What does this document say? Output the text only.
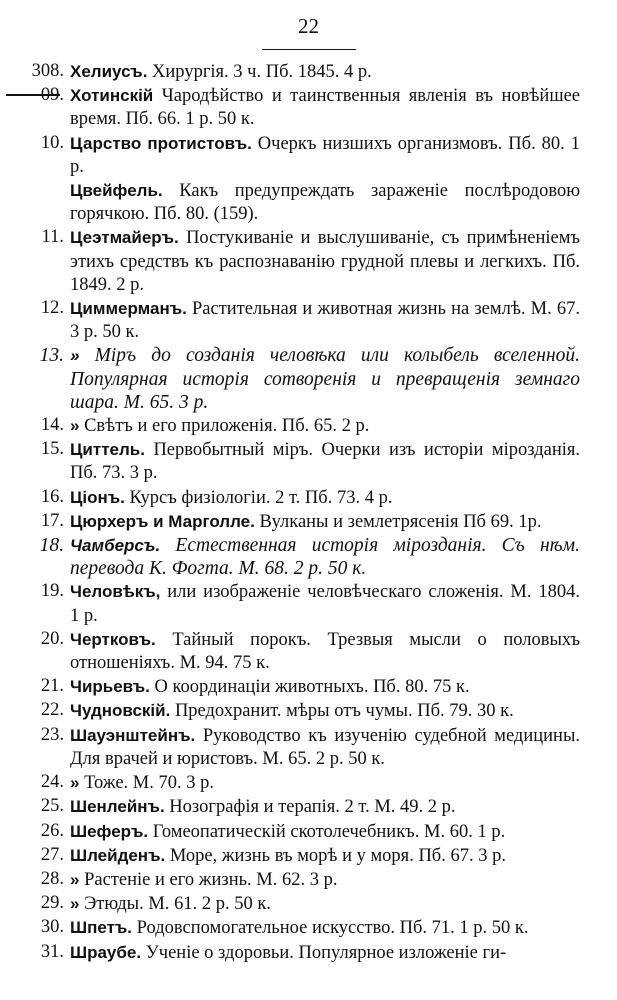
22
308. Хелиусъ. Хирургія. 3 ч. Пб. 1845. 4 р.
09. Хотинскій Чародѣйство и таинственныя явленія въ новѣйшее время. Пб. 66. 1 р. 50 к.
10. Царство протистовъ. Очеркъ низшихъ организмовъ. Пб. 80. 1 р.
Цвейфель. Какъ предупреждать зараженіе послѣродовою горячкою. Пб. 80. (159).
11. Цеэтмайеръ. Постукиваніе и выслушиваніе, съ примѣненіемъ этихъ средствъ къ распознаванію грудной плевы и легкихъ. Пб. 1849. 2 р.
12. Циммерманъ. Растительная и животная жизнь на землѣ. М. 67. 3 р. 50 к.
13. » Міръ до созданія человѣка или колыбель вселенной. Популярная исторія сотворенія и превращенія земнаго шара. М. 65. 3 р.
14. » Свѣтъ и его приложенія. Пб. 65. 2 р.
15. Циттель. Первобытный міръ. Очерки изъ исторіи мірозданія. Пб. 73. 3 р.
16. Ціонъ. Курсъ физіологіи. 2 т. Пб. 73. 4 р.
17. Цюрхеръ и Марголле. Вулканы и землетрясенія Пб 69. 1р.
18. Чамберсъ. Естественная исторія мірозданія. Съ нѣм. перевода К. Фогта. М. 68. 2 р. 50 к.
19. Человѣкъ, или изображеніе человѣческаго сложенія. М. 1804. 1 р.
20. Чертковъ. Тайный порокъ. Трезвыя мысли о половыхъ отношеніяхъ. М. 94. 75 к.
21. Чирьевъ. О координаціи животныхъ. Пб. 80. 75 к.
22. Чудновскій. Предохранит. мѣры отъ чумы. Пб. 79. 30 к.
23. Шауэнштейнъ. Руководство къ изученію судебной медицины. Для врачей и юристовъ. М. 65. 2 р. 50 к.
24. » Тоже. М. 70. 3 р.
25. Шенлейнъ. Нозографія и терапія. 2 т. М. 49. 2 р.
26. Шеферъ. Гомеопатическій скотолечебникъ. М. 60. 1 р.
27. Шлейденъ. Море, жизнь въ морѣ и у моря. Пб. 67. 3 р.
28. » Растеніе и его жизнь. М. 62. 3 р.
29. » Этюды. М. 61. 2 р. 50 к.
30. Шпетъ. Родовспомогательное искусство. Пб. 71. 1 р. 50 к.
31. Шраубе. Ученіе о здоровьи. Популярное изложеніе ги-
